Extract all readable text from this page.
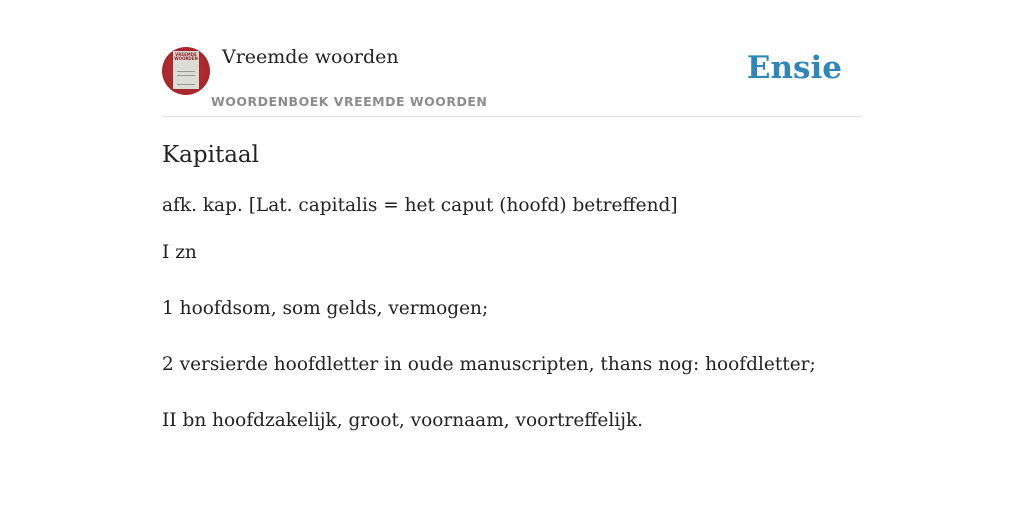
VREEMDE WOORDEN Vreemde woorden
WOORDENBOEK VREEMDE WOORDEN
Ensie
Kapitaal

afk. kap. [Lat. capitalis = het caput (hoofd) betreffend]

I zn
1 hoofdsom, som gelds, vermogen;
2 versierde hoofdletter in oude manuscripten, thans nog: hoofdletter;
II bn hoofdzakelijk, groot, voornaam, voortreffelijk.
